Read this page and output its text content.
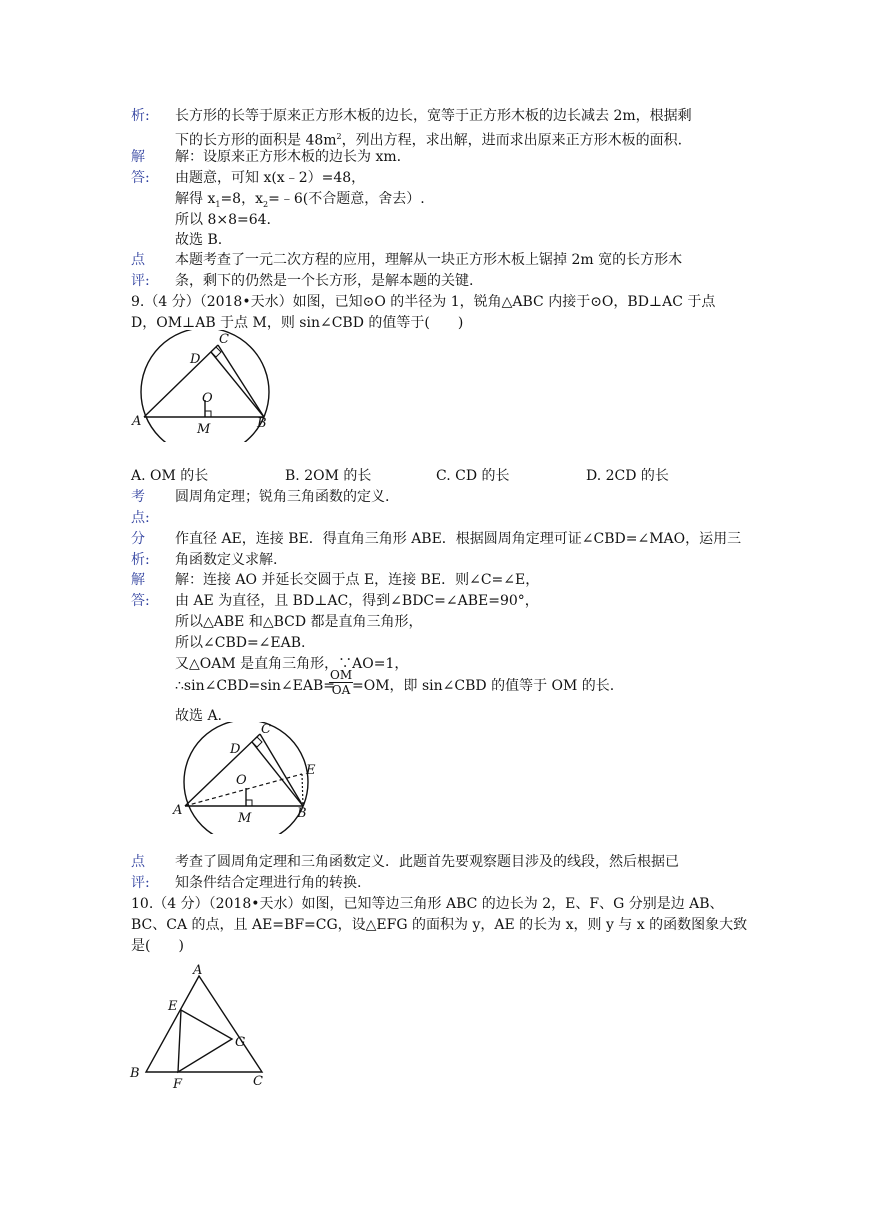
析: 长方形的长等于原来正方形木板的边长，宽等于正方形木板的边长减去 2m，根据剩
下的长方形的面积是 $48m^2$，列出方程，求出解，进而求出原来正方形木板的面积.
解
答:
解：设原来正方形木板的边长为 xm.
由题意，可知 x(x﹣2）=48，
解得 $x_1=8$，$x_2=﹣6$(不合题意，舍去）.
所以 8×8=64.
故选 B.
点
评:
本题考查了一元二次方程的应用，理解从一块正方形木板上锯掉 2m 宽的长方形木
条，剩下的仍然是一个长方形，是解本题的关键.
9.（4 分）（2018•天水）如图，已知⊙O 的半径为 1，锐角△ABC 内接于⊙O，BD⊥AC 于点
D，OM⊥AB 于点 M，则 sin∠CBD 的值等于(　　)
A	B
C
D
O
M
A. OM 的长	B. 2OM 的长	C. CD 的长	D. 2CD 的长
考
点:
圆周角定理；锐角三角函数的定义.
分
析:
作直径 AE，连接 BE．得直角三角形 ABE．根据圆周角定理可证∠CBD=∠MAO，运用三
角函数定义求解.
解
答:
解：连接 AO 并延长交圆于点 E，连接 BE．则∠C=∠E，
由 AE 为直径，且 BD⊥AC，得到∠BDC=∠ABE=90°，
所以△ABE 和△BCD 都是直角三角形，
所以∠CBD=∠EAB.
又△OAM 是直角三角形，∵AO=1，
∴sin∠CBD=sin∠EAB=
$\frac{OM}{OA}$
=OM，即 sin∠CBD 的值等于 OM 的长.
故选 A.
A	B
C
D
E
O
M
点
评:
考查了圆周角定理和三角函数定义．此题首先要观察题目涉及的线段，然后根据已
知条件结合定理进行角的转换.
10.（4 分）（2018•天水）如图，已知等边三角形 ABC 的边长为 2，E、F、G 分别是边 AB、
BC、CA 的点，且 AE=BF=CG，设△EFG 的面积为 y，AE 的长为 x，则 y 与 x 的函数图象大致
是(　　)
A
B
C
E
F
G
